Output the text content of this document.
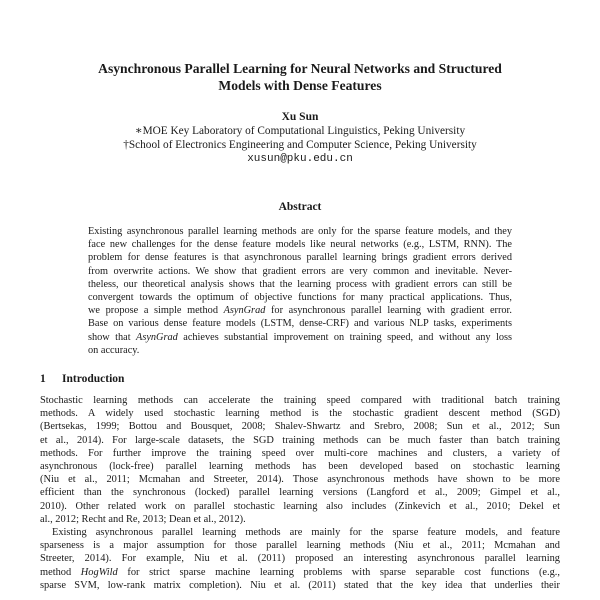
Asynchronous Parallel Learning for Neural Networks and Structured
Models with Dense Features
Xu Sun
∗MOE Key Laboratory of Computational Linguistics, Peking University
†School of Electronics Engineering and Computer Science, Peking University
xusun@pku.edu.cn
Abstract
Existing asynchronous parallel learning methods are only for the sparse feature models, and they
face new challenges for the dense feature models like neural networks (e.g., LSTM, RNN). The
problem for dense features is that asynchronous parallel learning brings gradient errors derived
from overwrite actions. We show that gradient errors are very common and inevitable. Never-
theless, our theoretical analysis shows that the learning process with gradient errors can still be
convergent towards the optimum of objective functions for many practical applications. Thus,
we propose a simple method AsynGrad for asynchronous parallel learning with gradient error.
Base on various dense feature models (LSTM, dense-CRF) and various NLP tasks, experiments
show that AsynGrad achieves substantial improvement on training speed, and without any loss
on accuracy.
1 Introduction
Stochastic learning methods can accelerate the training speed compared with traditional batch training
methods. A widely used stochastic learning method is the stochastic gradient descent method (SGD)
(Bertsekas, 1999; Bottou and Bousquet, 2008; Shalev-Shwartz and Srebro, 2008; Sun et al., 2012; Sun
et al., 2014). For large-scale datasets, the SGD training methods can be much faster than batch training
methods. For further improve the training speed over multi-core machines and clusters, a variety of
asynchronous (lock-free) parallel learning methods has been developed based on stochastic learning
(Niu et al., 2011; Mcmahan and Streeter, 2014). Those asynchronous methods have shown to be more
efficient than the synchronous (locked) parallel learning versions (Langford et al., 2009; Gimpel et al.,
2010). Other related work on parallel stochastic learning also includes (Zinkevich et al., 2010; Dekel et
al., 2012; Recht and Re, 2013; Dean et al., 2012).
Existing asynchronous parallel learning methods are mainly for the sparse feature models, and feature
sparseness is a major assumption for those parallel learning methods (Niu et al., 2011; Mcmahan and
Streeter, 2014). For example, Niu et al. (2011) proposed an interesting asynchronous parallel learning
method HogWild for strict sparse machine learning problems with sparse separable cost functions (e.g.,
sparse SVM, low-rank matrix completion). Niu et al. (2011) stated that the key idea that underlies their
